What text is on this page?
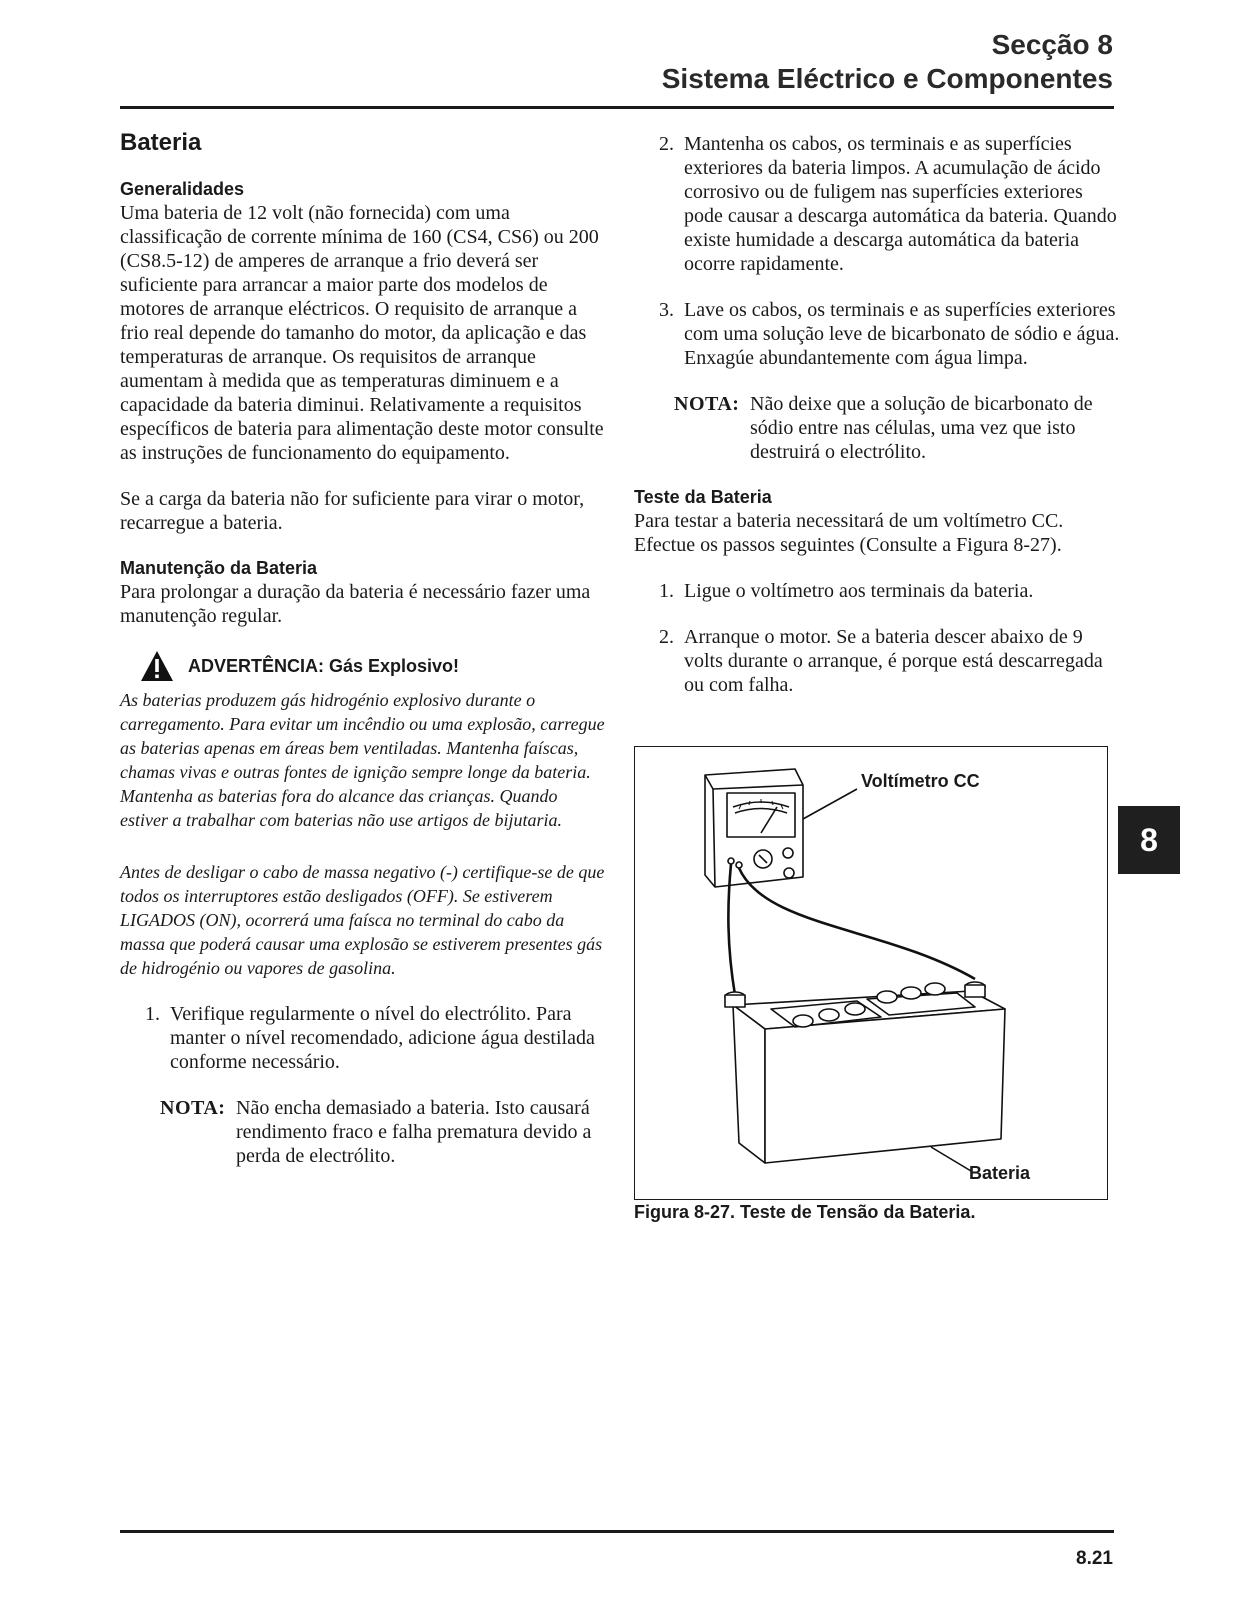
Secção 8
Sistema Eléctrico e Componentes
Bateria
Generalidades

Uma bateria de 12 volt (não fornecida) com uma classificação de corrente mínima de 160 (CS4, CS6) ou 200 (CS8.5-12) de amperes de arranque a frio deverá ser suficiente para arrancar a maior parte dos modelos de motores de arranque eléctricos. O requisito de arranque a frio real depende do tamanho do motor, da aplicação e das temperaturas de arranque. Os requisitos de arranque aumentam à medida que as temperaturas diminuem e a capacidade da bateria diminui. Relativamente a requisitos específicos de bateria para alimentação deste motor consulte as instruções de funcionamento do equipamento.

Se a carga da bateria não for suficiente para virar o motor, recarregue a bateria.

Manutenção da Bateria

Para prolongar a duração da bateria é necessário fazer uma manutenção regular.

ADVERTÊNCIA: Gás Explosivo!

As baterias produzem gás hidrogénio explosivo durante o carregamento. Para evitar um incêndio ou uma explosão, carregue as baterias apenas em áreas bem ventiladas. Mantenha faíscas, chamas vivas e outras fontes de ignição sempre longe da bateria. Mantenha as baterias fora do alcance das crianças. Quando estiver a trabalhar com baterias não use artigos de bijutaria.

Antes de desligar o cabo de massa negativo (-) certifique-se de que todos os interruptores estão desligados (OFF). Se estiverem LIGADOS (ON), ocorrerá uma faísca no terminal do cabo da massa que poderá causar uma explosão se estiverem presentes gás de hidrogénio ou vapores de gasolina.

1. Verifique regularmente o nível do electrólito. Para manter o nível recomendado, adicione água destilada conforme necessário.
NOTA: Não encha demasiado a bateria. Isto causará rendimento fraco e falha prematura devido a perda de electrólito.
2. Mantenha os cabos, os terminais e as superfícies exteriores da bateria limpos. A acumulação de ácido corrosivo ou de fuligem nas superfícies exteriores pode causar a descarga automática da bateria. Quando existe humidade a descarga automática da bateria ocorre rapidamente.
3. Lave os cabos, os terminais e as superfícies exteriores com uma solução leve de bicarbonato de sódio e água. Enxagúe abundantemente com água limpa.
NOTA: Não deixe que a solução de bicarbonato de sódio entre nas células, uma vez que isto destruirá o electrólito.
Teste da Bateria

Para testar a bateria necessitará de um voltímetro CC. Efectue os passos seguintes (Consulte a Figura 8-27).

1. Ligue o voltímetro aos terminais da bateria.
2. Arranque o motor. Se a bateria descer abaixo de 9 volts durante o arranque, é porque está descarregada ou com falha.
Voltímetro CC
Bateria
Figura 8-27. Teste de Tensão da Bateria.
8
8.21
